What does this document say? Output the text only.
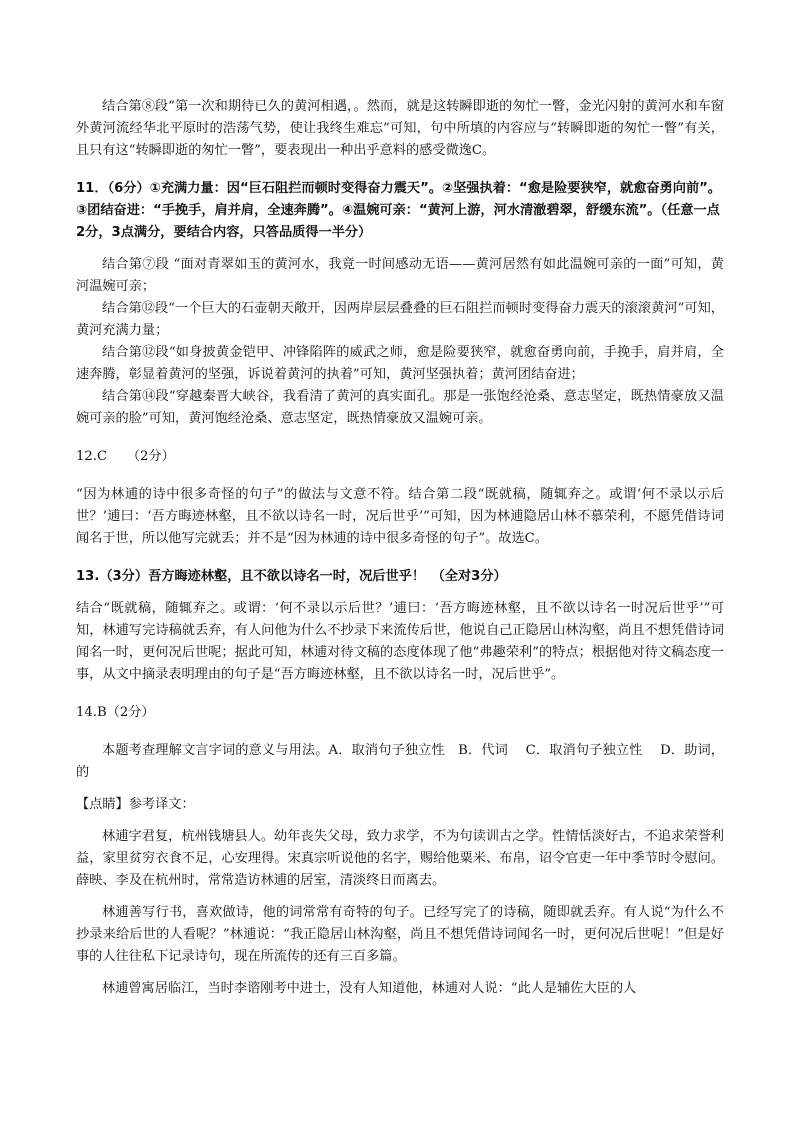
结合第⑧段“第一次和期待已久的黄河相遇，。然而，就是这转瞬即逝的匆忙一瞥，金光闪射的黄河水和车窗外黄河流经华北平原时的浩荡气势，使让我终生难忘”可知，句中所填的内容应与“转瞬即逝的匆忙一瞥”有关，且只有这“转瞬即逝的匆忙一瞥”，要表现出一种出乎意料的感受微逸C。

11．（6分）①充满力量：因“巨石阻拦而顿时变得奋力震天”。②坚强执着：“愈是险要狭窄，就愈奋勇向前”。③团结奋进：“手挽手，肩并肩，全速奔腾”。④温婉可亲：“黄河上游，河水清澈碧翠，舒缓东流”。（任意一点2分，3点满分，要结合内容，只答品质得一半分）

结合第⑦段 “面对青翠如玉的黄河水，我竟一时间感动无语——黄河居然有如此温婉可亲的一面”可知，黄河温婉可亲；

结合第⑫段“一个巨大的石壶朝天敞开，因两岸层层叠叠的巨石阻拦而顿时变得奋力震天的滚滚黄河”可知，黄河充满力量；

结合第⑫段“如身披黄金铠甲、冲锋陷阵的威武之师，愈是险要狭窄，就愈奋勇向前，手挽手，肩并肩，全速奔腾，彰显着黄河的坚强，诉说着黄河的执着”可知，黄河坚强执着；黄河团结奋进；

结合第⑭段“穿越秦晋大峡谷，我看清了黄河的真实面孔。那是一张饱经沧桑、意志坚定，既热情豪放又温婉可亲的脸”可知，黄河饱经沧桑、意志坚定，既热情豪放又温婉可亲。

12.C　　（2分）

“因为林逋的诗中很多奇怪的句子”的做法与文意不符。结合第二段“既就稿，随辄弃之。或谓‘何不录以示后世？’逋曰：‘吾方晦迹林壑，且不欲以诗名一时，况后世乎’”可知，因为林逋隐居山林不慕荣利，不愿凭借诗词闻名于世，所以他写完就丢；并不是“因为林逋的诗中很多奇怪的句子”。故选C。

13.（3分）吾方晦迹林壑，且不欲以诗名一时，况后世乎！　（全对3分）

结合“既就稿，随辄弃之。或谓：‘何不录以示后世？’逋曰：‘吾方晦迹林壑，且不欲以诗名一时况后世乎’”可知，林逋写完诗稿就丢弃，有人问他为什么不抄录下来流传后世，他说自己正隐居山林沟壑，尚且不想凭借诗词闻名一时，更何况后世呢；据此可知，林逋对待文稿的态度体现了他“弗趣荣利”的特点；根据他对待文稿态度一事，从文中摘录表明理由的句子是“吾方晦迹林壑，且不欲以诗名一时，况后世乎”。

14.B（2分）

本题考查理解文言字词的意义与用法。A．取消句子独立性　B．代词　 C．取消句子独立性　 D．助词，的

【点睛】参考译文：

林逋字君复，杭州钱塘县人。幼年丧失父母，致力求学，不为句读训古之学。性情恬淡好古，不追求荣誉利益，家里贫穷衣食不足，心安理得。宋真宗听说他的名字，赐给他粟米、布帛，诏令官吏一年中季节时令慰问。薛映、李及在杭州时，常常造访林逋的居室，清淡终日而离去。

林逋善写行书，喜欢做诗，他的词常常有奇特的句子。已经写完了的诗稿，随即就丢弃。有人说“为什么不抄录来给后世的人看呢？”林逋说：“我正隐居山林沟壑，尚且不想凭借诗词闻名一时，更何况后世呢！”但是好事的人往往私下记录诗句，现在所流传的还有三百多篇。

林逋曾寓居临江，当时李谘刚考中进士，没有人知道他，林逋对人说：“此人是辅佐大臣的人
